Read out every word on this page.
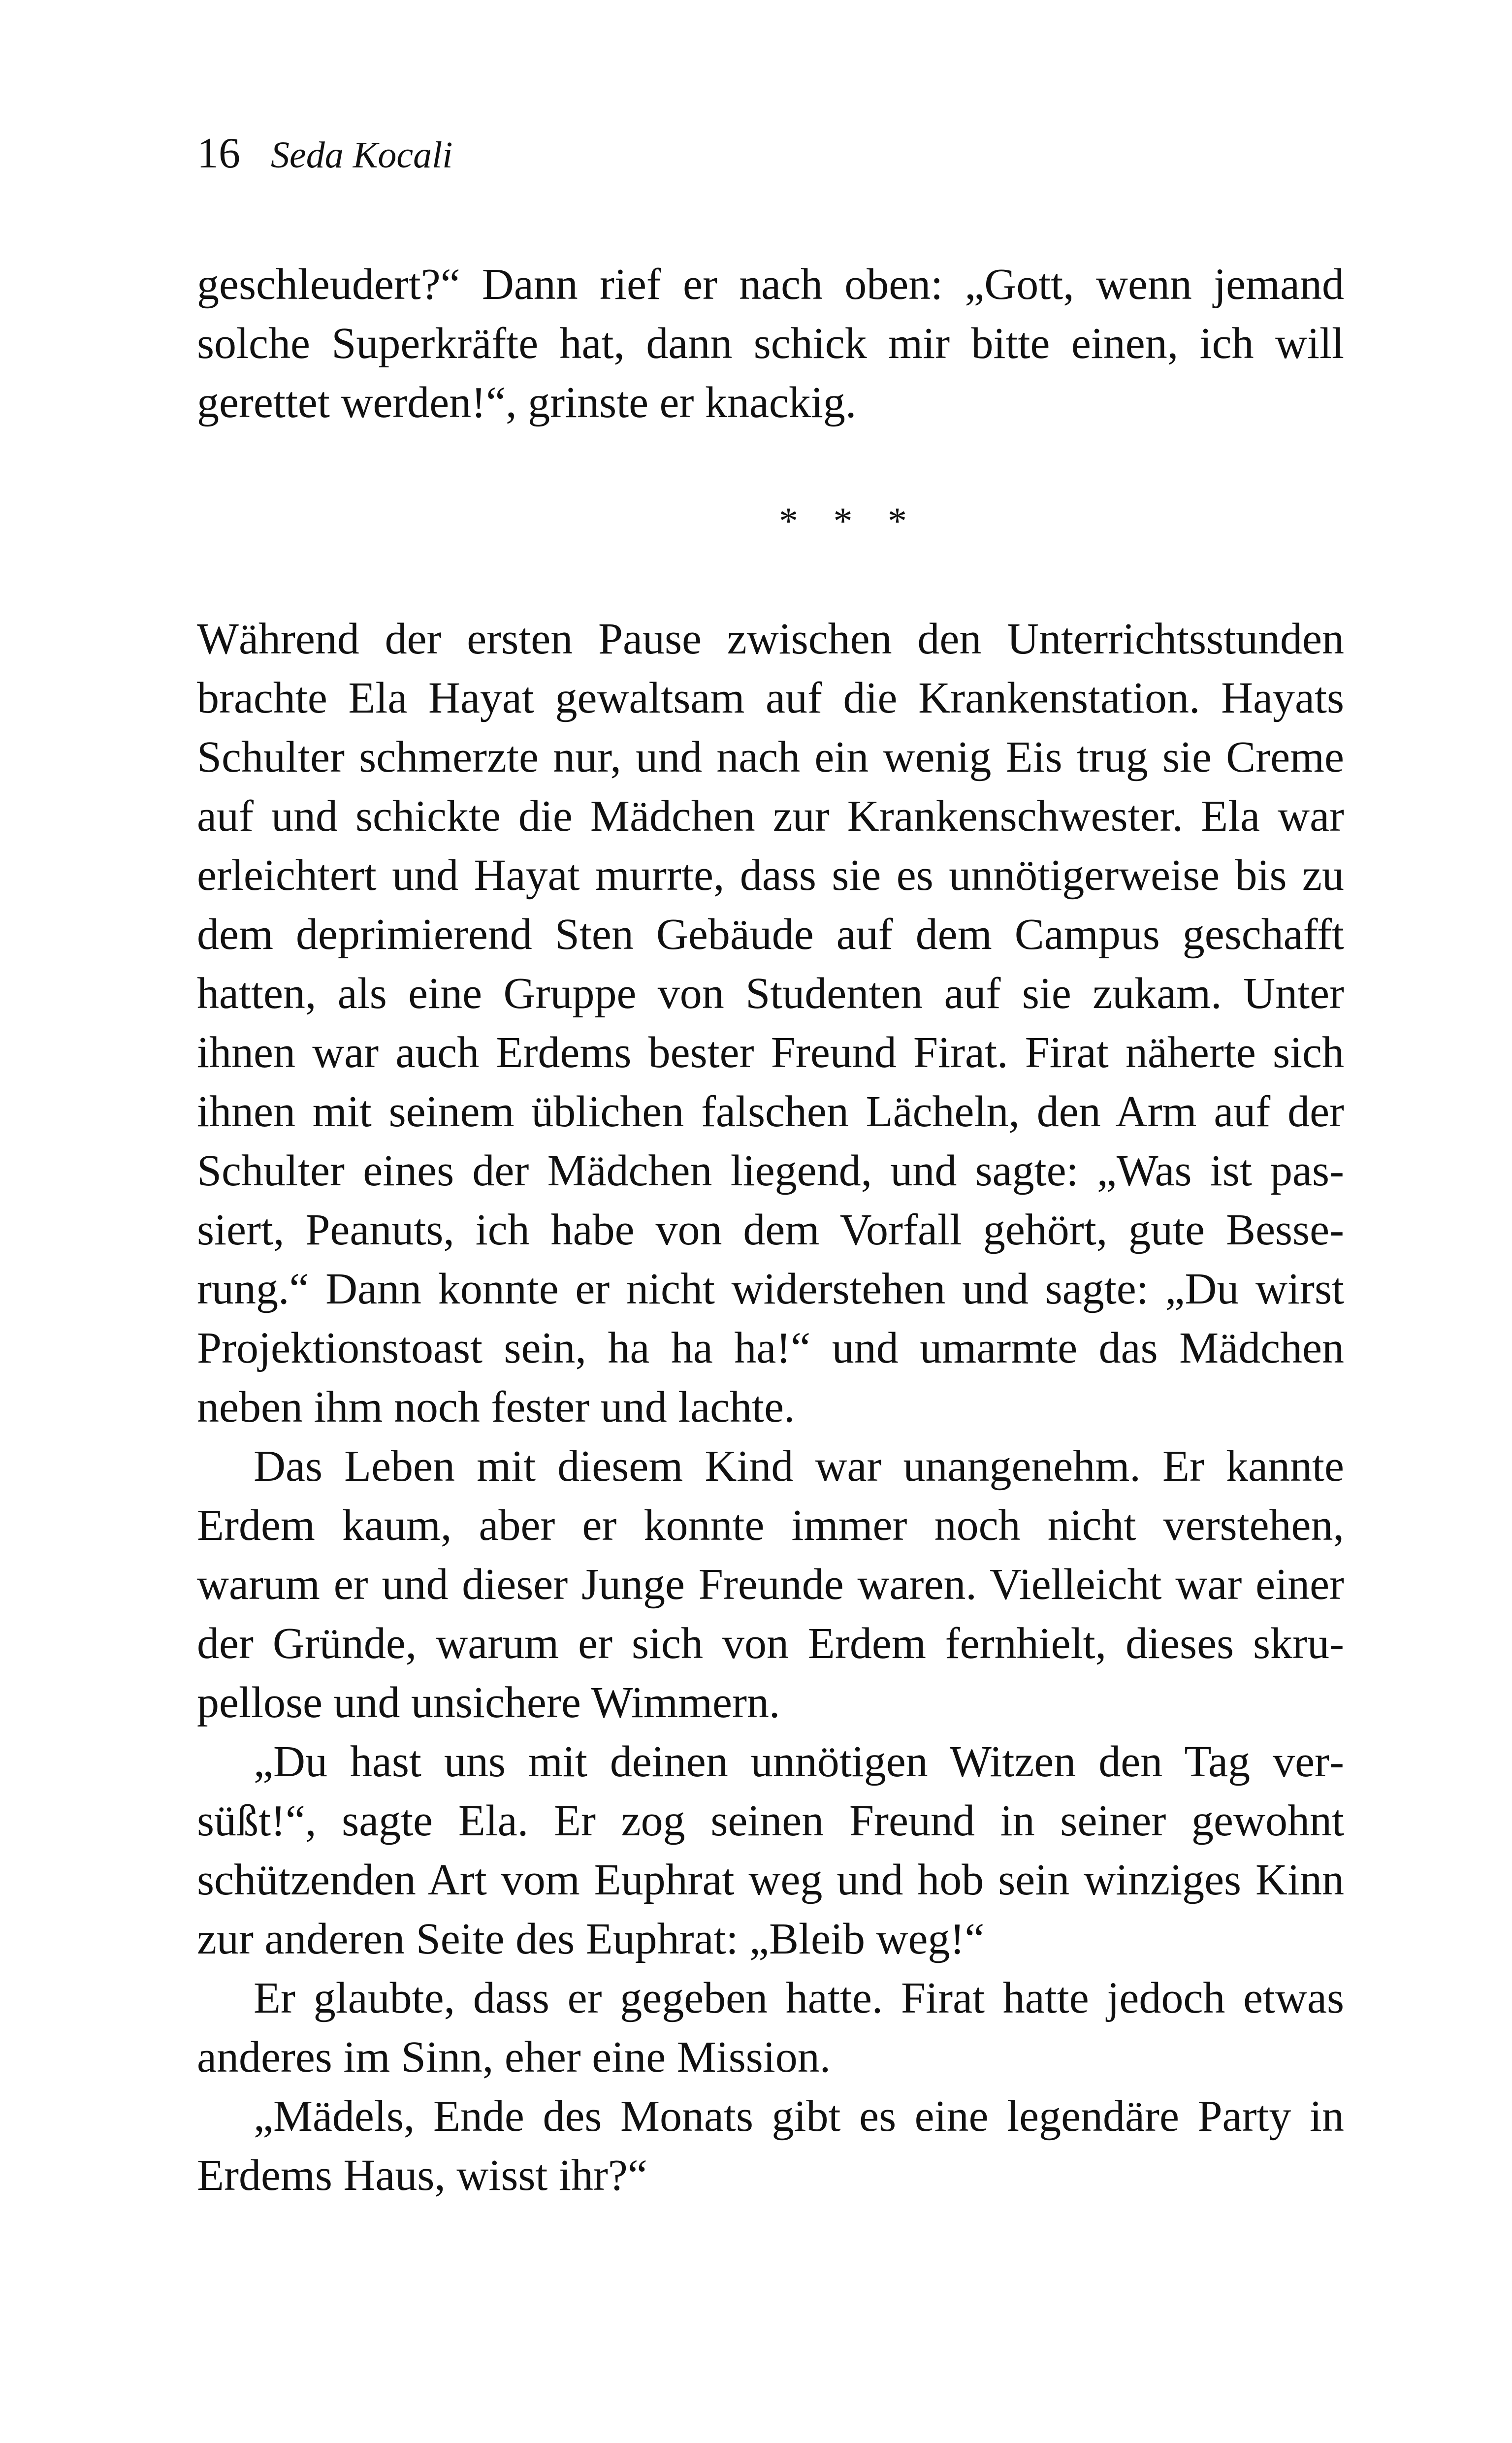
16 Seda Kocali

geschleudert?“ Dann rief er nach oben: „Gott, wenn jemand solche Superkräfte hat, dann schick mir bitte einen, ich will gerettet werden!“, grinste er knackig.

* * *

Während der ersten Pause zwischen den Unterrichtsstunden brachte Ela Hayat gewaltsam auf die Krankenstation. Hayats Schulter schmerzte nur, und nach ein wenig Eis trug sie Creme auf und schickte die Mädchen zur Krankenschwester. Ela war erleichtert und Hayat murrte, dass sie es unnötigerweise bis zu dem deprimierend Sten Gebäude auf dem Campus geschafft hatten, als eine Gruppe von Studenten auf sie zukam. Unter ihnen war auch Erdems bester Freund Firat. Firat näherte sich ihnen mit seinem üblichen falschen Lächeln, den Arm auf der Schulter eines der Mädchen liegend, und sagte: „Was ist passiert, Peanuts, ich habe von dem Vorfall gehört, gute Besserung.“ Dann konnte er nicht widerstehen und sagte: „Du wirst Projektionstoast sein, ha ha ha!“ und umarmte das Mädchen neben ihm noch fester und lachte.

Das Leben mit diesem Kind war unangenehm. Er kannte Erdem kaum, aber er konnte immer noch nicht verstehen, warum er und dieser Junge Freunde waren. Vielleicht war einer der Gründe, warum er sich von Erdem fernhielt, dieses skrupellose und unsichere Wimmern.

„Du hast uns mit deinen unnötigen Witzen den Tag versüßt!“, sagte Ela. Er zog seinen Freund in seiner gewohnt schützenden Art vom Euphrat weg und hob sein winziges Kinn zur anderen Seite des Euphrat: „Bleib weg!“

Er glaubte, dass er gegeben hatte. Firat hatte jedoch etwas anderes im Sinn, eher eine Mission.

„Mädels, Ende des Monats gibt es eine legendäre Party in Erdems Haus, wisst ihr?“
